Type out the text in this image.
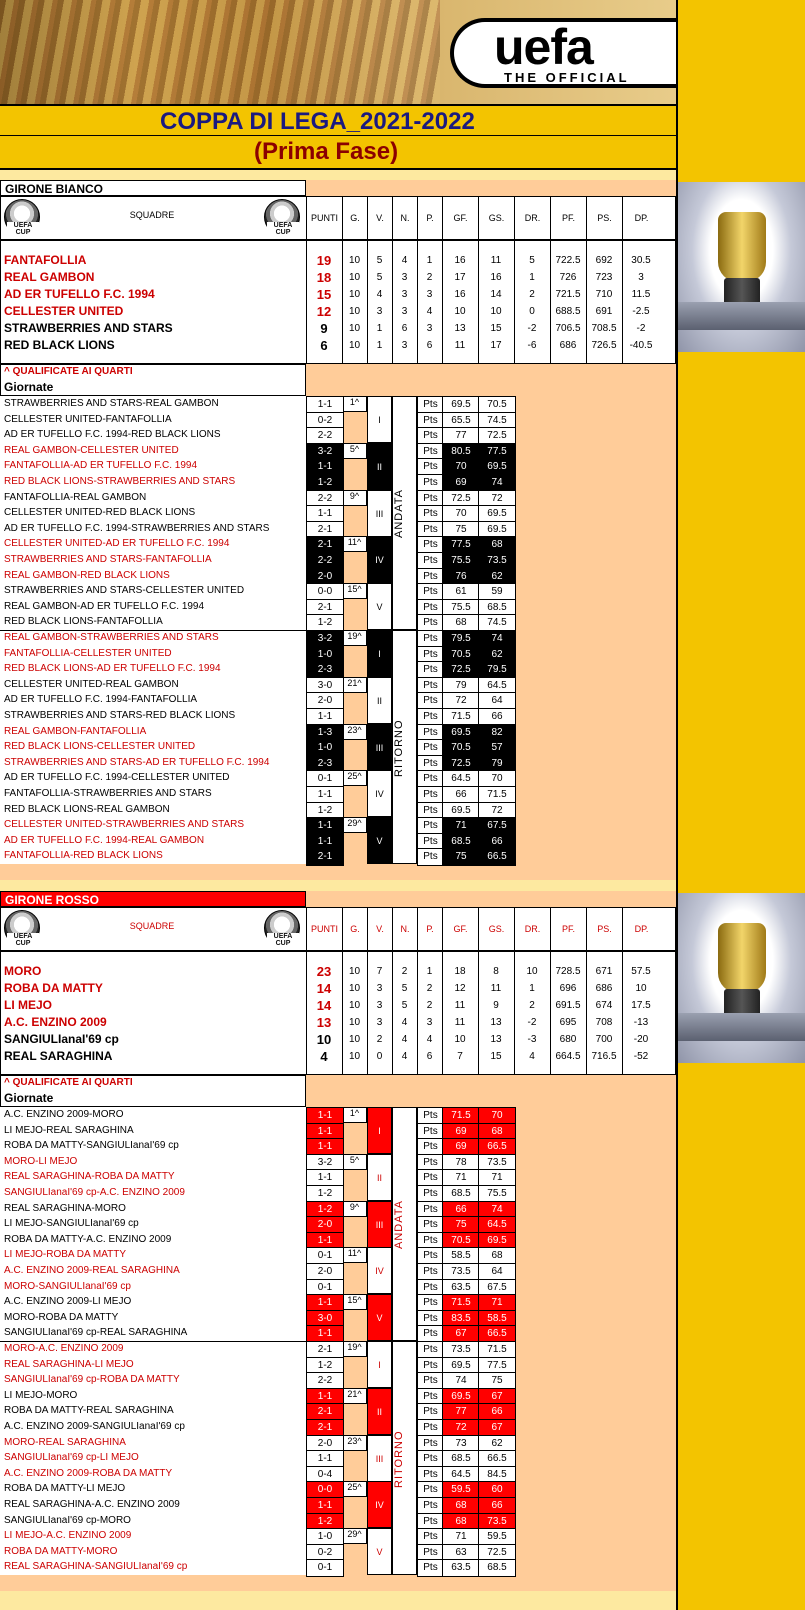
uefa
THE OFFICIAL
COPPA DI LEGA_2021-2022
(Prima Fase)
GIRONE BIANCO
UEFA CUP
UEFA CUP
SQUADRE	PUNTI	G.	V.	N.	P.	GF.	GS.	DR.	PF.	PS.	DP.
FANTAFOLLIA	19	10	5	4	1	16	11	5	722.5	692	30.5
REAL GAMBON	18	10	5	3	2	17	16	1	726	723	3
AD ER TUFELLO F.C. 1994	15	10	4	3	3	16	14	2	721.5	710	11.5
CELLESTER UNITED	12	10	3	3	4	10	10	0	688.5	691	-2.5
STRAWBERRIES AND STARS	9	10	1	6	3	13	15	-2	706.5	708.5	-2
RED BLACK LIONS	6	10	1	3	6	11	17	-6	686	726.5	-40.5
^ QUALIFICATE AI QUARTI
Giornate
1^
I
STRAWBERRIES AND STARS-REAL GAMBON	1-1	Pts	69.5	70.5
CELLESTER UNITED-FANTAFOLLIA	0-2	Pts	65.5	74.5
AD ER TUFELLO F.C. 1994-RED BLACK LIONS	2-2	Pts	77	72.5
5^
II
REAL GAMBON-CELLESTER UNITED	3-2	Pts	80.5	77.5
FANTAFOLLIA-AD ER TUFELLO F.C. 1994	1-1	Pts	70	69.5
RED BLACK LIONS-STRAWBERRIES AND STARS	1-2	Pts	69	74
9^
III
FANTAFOLLIA-REAL GAMBON	2-2	Pts	72.5	72
CELLESTER UNITED-RED BLACK LIONS	1-1	Pts	70	69.5
AD ER TUFELLO F.C. 1994-STRAWBERRIES AND STARS	2-1	Pts	75	69.5
11^
IV
CELLESTER UNITED-AD ER TUFELLO F.C. 1994	2-1	Pts	77.5	68
STRAWBERRIES AND STARS-FANTAFOLLIA	2-2	Pts	75.5	73.5
REAL GAMBON-RED BLACK LIONS	2-0	Pts	76	62
15^
V
STRAWBERRIES AND STARS-CELLESTER UNITED	0-0	Pts	61	59
REAL GAMBON-AD ER TUFELLO F.C. 1994	2-1	Pts	75.5	68.5
RED BLACK LIONS-FANTAFOLLIA	1-2	Pts	68	74.5
19^
I
REAL GAMBON-STRAWBERRIES AND STARS	3-2	Pts	79.5	74
FANTAFOLLIA-CELLESTER UNITED	1-0	Pts	70.5	62
RED BLACK LIONS-AD ER TUFELLO F.C. 1994	2-3	Pts	72.5	79.5
21^
II
CELLESTER UNITED-REAL GAMBON	3-0	Pts	79	64.5
AD ER TUFELLO F.C. 1994-FANTAFOLLIA	2-0	Pts	72	64
STRAWBERRIES AND STARS-RED BLACK LIONS	1-1	Pts	71.5	66
23^
III
REAL GAMBON-FANTAFOLLIA	1-3	Pts	69.5	82
RED BLACK LIONS-CELLESTER UNITED	1-0	Pts	70.5	57
STRAWBERRIES AND STARS-AD ER TUFELLO F.C. 1994	2-3	Pts	72.5	79
25^
IV
AD ER TUFELLO F.C. 1994-CELLESTER UNITED	0-1	Pts	64.5	70
FANTAFOLLIA-STRAWBERRIES AND STARS	1-1	Pts	66	71.5
RED BLACK LIONS-REAL GAMBON	1-2	Pts	69.5	72
29^
V
CELLESTER UNITED-STRAWBERRIES AND STARS	1-1	Pts	71	67.5
AD ER TUFELLO F.C. 1994-REAL GAMBON	1-1	Pts	68.5	66
FANTAFOLLIA-RED BLACK LIONS	2-1	Pts	75	66.5
ANDATA
RITORNO
GIRONE ROSSO
UEFA CUP
UEFA CUP
SQUADRE	PUNTI	G.	V.	N.	P.	GF.	GS.	DR.	PF.	PS.	DP.
MORO	23	10	7	2	1	18	8	10	728.5	671	57.5
ROBA DA MATTY	14	10	3	5	2	12	11	1	696	686	10
LI MEJO	14	10	3	5	2	11	9	2	691.5	674	17.5
A.C. ENZINO 2009	13	10	3	4	3	11	13	-2	695	708	-13
SANGIULIanaI'69 cp	10	10	2	4	4	10	13	-3	680	700	-20
REAL SARAGHINA	4	10	0	4	6	7	15	4	664.5	716.5	-52
^ QUALIFICATE AI QUARTI
Giornate
1^
I
A.C. ENZINO 2009-MORO	1-1	Pts	71.5	70
LI MEJO-REAL SARAGHINA	1-1	Pts	69	68
ROBA DA MATTY-SANGIULIanaI'69 cp	1-1	Pts	69	66.5
5^
II
MORO-LI MEJO	3-2	Pts	78	73.5
REAL SARAGHINA-ROBA DA MATTY	1-1	Pts	71	71
SANGIULIanaI'69 cp-A.C. ENZINO 2009	1-2	Pts	68.5	75.5
9^
III
REAL SARAGHINA-MORO	1-2	Pts	66	74
LI MEJO-SANGIULIanaI'69 cp	2-0	Pts	75	64.5
ROBA DA MATTY-A.C. ENZINO 2009	1-1	Pts	70.5	69.5
11^
IV
LI MEJO-ROBA DA MATTY	0-1	Pts	58.5	68
A.C. ENZINO 2009-REAL SARAGHINA	2-0	Pts	73.5	64
MORO-SANGIULIanaI'69 cp	0-1	Pts	63.5	67.5
15^
V
A.C. ENZINO 2009-LI MEJO	1-1	Pts	71.5	71
MORO-ROBA DA MATTY	3-0	Pts	83.5	58.5
SANGIULIanaI'69 cp-REAL SARAGHINA	1-1	Pts	67	66.5
19^
I
MORO-A.C. ENZINO 2009	2-1	Pts	73.5	71.5
REAL SARAGHINA-LI MEJO	1-2	Pts	69.5	77.5
SANGIULIanaI'69 cp-ROBA DA MATTY	2-2	Pts	74	75
21^
II
LI MEJO-MORO	1-1	Pts	69.5	67
ROBA DA MATTY-REAL SARAGHINA	2-1	Pts	77	66
A.C. ENZINO 2009-SANGIULIanaI'69 cp	2-1	Pts	72	67
23^
III
MORO-REAL SARAGHINA	2-0	Pts	73	62
SANGIULIanaI'69 cp-LI MEJO	1-1	Pts	68.5	66.5
A.C. ENZINO 2009-ROBA DA MATTY	0-4	Pts	64.5	84.5
25^
IV
ROBA DA MATTY-LI MEJO	0-0	Pts	59.5	60
REAL SARAGHINA-A.C. ENZINO 2009	1-1	Pts	68	66
SANGIULIanaI'69 cp-MORO	1-2	Pts	68	73.5
29^
V
LI MEJO-A.C. ENZINO 2009	1-0	Pts	71	59.5
ROBA DA MATTY-MORO	0-2	Pts	63	72.5
REAL SARAGHINA-SANGIULIanaI'69 cp	0-1	Pts	63.5	68.5
ANDATA
RITORNO
